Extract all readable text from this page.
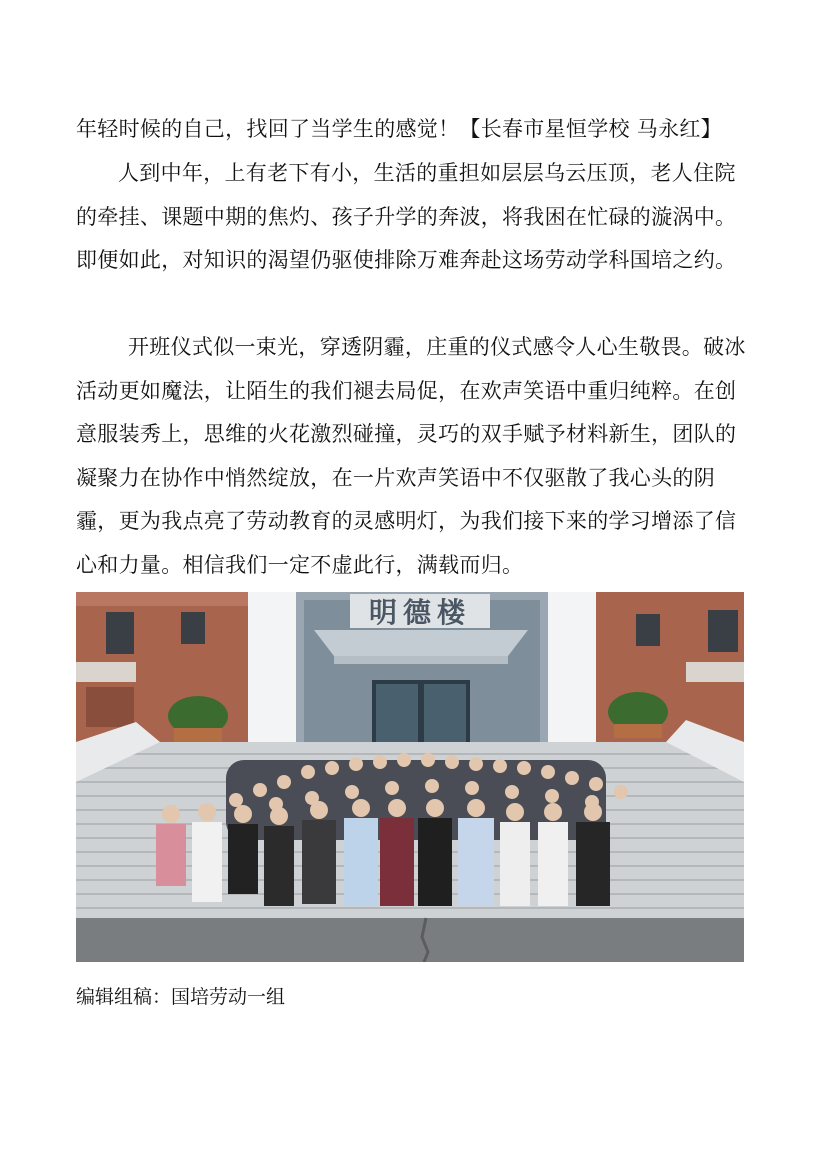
年轻时候的自己，找回了当学生的感觉！【长春市星恒学校 马永红】

人到中年，上有老下有小，生活的重担如层层乌云压顶，老人住院的牵挂、课题中期的焦灼、孩子升学的奔波，将我困在忙碌的漩涡中。即便如此，对知识的渴望仍驱使排除万难奔赴这场劳动学科国培之约。

开班仪式似一束光，穿透阴霾，庄重的仪式感令人心生敬畏。破冰活动更如魔法，让陌生的我们褪去局促，在欢声笑语中重归纯粹。在创意服装秀上，思维的火花激烈碰撞，灵巧的双手赋予材料新生，团队的凝聚力在协作中悄然绽放，在一片欢声笑语中不仅驱散了我心头的阴霾，更为我点亮了劳动教育的灵感明灯，为我们接下来的学习增添了信心和力量。相信我们一定不虚此行，满载而归。

明德楼
编辑组稿：国培劳动一组
